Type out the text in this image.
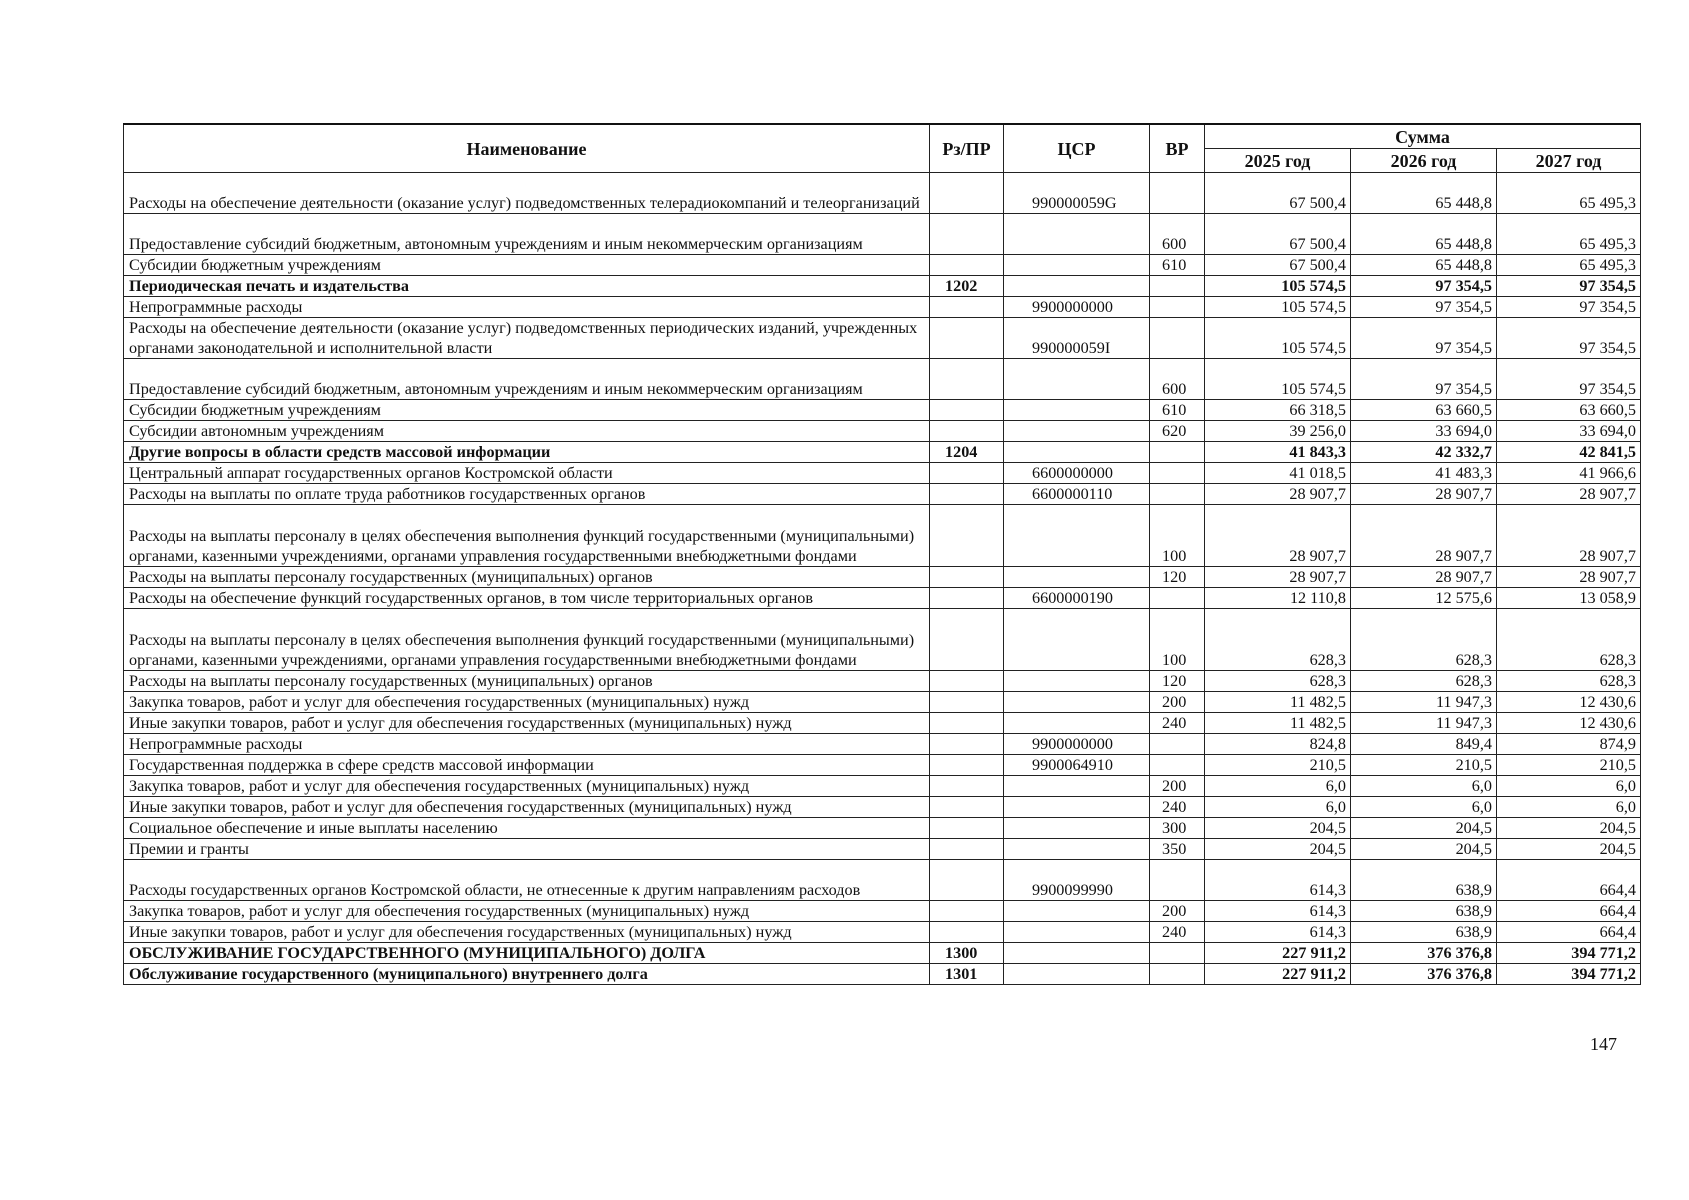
Наименование	Рз/ПР	ЦСР	ВР	Сумма		
				2025 год	2026 год	2027 год
Расходы на обеспечение деятельности (оказание услуг) подведомственных телерадиокомпаний и телеорганизаций		990000059G		67 500,4	65 448,8	65 495,3
Предоставление субсидий бюджетным, автономным учреждениям и иным некоммерческим организациям			600	67 500,4	65 448,8	65 495,3
Субсидии бюджетным учреждениям			610	67 500,4	65 448,8	65 495,3
Периодическая печать и издательства	1202			105 574,5	97 354,5	97 354,5
Непрограммные расходы		9900000000		105 574,5	97 354,5	97 354,5
Расходы на обеспечение деятельности (оказание услуг) подведомственных периодических изданий, учрежденных органами законодательной и исполнительной власти		990000059I		105 574,5	97 354,5	97 354,5
Предоставление субсидий бюджетным, автономным учреждениям и иным некоммерческим организациям			600	105 574,5	97 354,5	97 354,5
Субсидии бюджетным учреждениям			610	66 318,5	63 660,5	63 660,5
Субсидии автономным учреждениям			620	39 256,0	33 694,0	33 694,0
Другие вопросы в области средств массовой информации	1204			41 843,3	42 332,7	42 841,5
Центральный аппарат государственных органов Костромской области		6600000000		41 018,5	41 483,3	41 966,6
Расходы на выплаты по оплате труда работников государственных органов		6600000110		28 907,7	28 907,7	28 907,7
Расходы на выплаты персоналу в целях обеспечения выполнения функций государственными (муниципальными) органами, казенными учреждениями, органами управления государственными внебюджетными фондами			100	28 907,7	28 907,7	28 907,7
Расходы на выплаты персоналу государственных (муниципальных) органов			120	28 907,7	28 907,7	28 907,7
Расходы на обеспечение функций государственных органов, в том числе территориальных органов		6600000190		12 110,8	12 575,6	13 058,9
Расходы на выплаты персоналу в целях обеспечения выполнения функций государственными (муниципальными) органами, казенными учреждениями, органами управления государственными внебюджетными фондами			100	628,3	628,3	628,3
Расходы на выплаты персоналу государственных (муниципальных) органов			120	628,3	628,3	628,3
Закупка товаров, работ и услуг для обеспечения государственных (муниципальных) нужд			200	11 482,5	11 947,3	12 430,6
Иные закупки товаров, работ и услуг для обеспечения государственных (муниципальных) нужд			240	11 482,5	11 947,3	12 430,6
Непрограммные расходы		9900000000		824,8	849,4	874,9
Государственная поддержка в сфере средств массовой информации		9900064910		210,5	210,5	210,5
Закупка товаров, работ и услуг для обеспечения государственных (муниципальных) нужд			200	6,0	6,0	6,0
Иные закупки товаров, работ и услуг для обеспечения государственных (муниципальных) нужд			240	6,0	6,0	6,0
Социальное обеспечение и иные выплаты населению			300	204,5	204,5	204,5
Премии и гранты			350	204,5	204,5	204,5
Расходы государственных органов Костромской области, не отнесенные к другим направлениям расходов		9900099990		614,3	638,9	664,4
Закупка товаров, работ и услуг для обеспечения государственных (муниципальных) нужд			200	614,3	638,9	664,4
Иные закупки товаров, работ и услуг для обеспечения государственных (муниципальных) нужд			240	614,3	638,9	664,4
ОБСЛУЖИВАНИЕ ГОСУДАРСТВЕННОГО (МУНИЦИПАЛЬНОГО) ДОЛГА	1300			227 911,2	376 376,8	394 771,2
Обслуживание государственного (муниципального) внутреннего долга	1301			227 911,2	376 376,8	394 771,2
147
